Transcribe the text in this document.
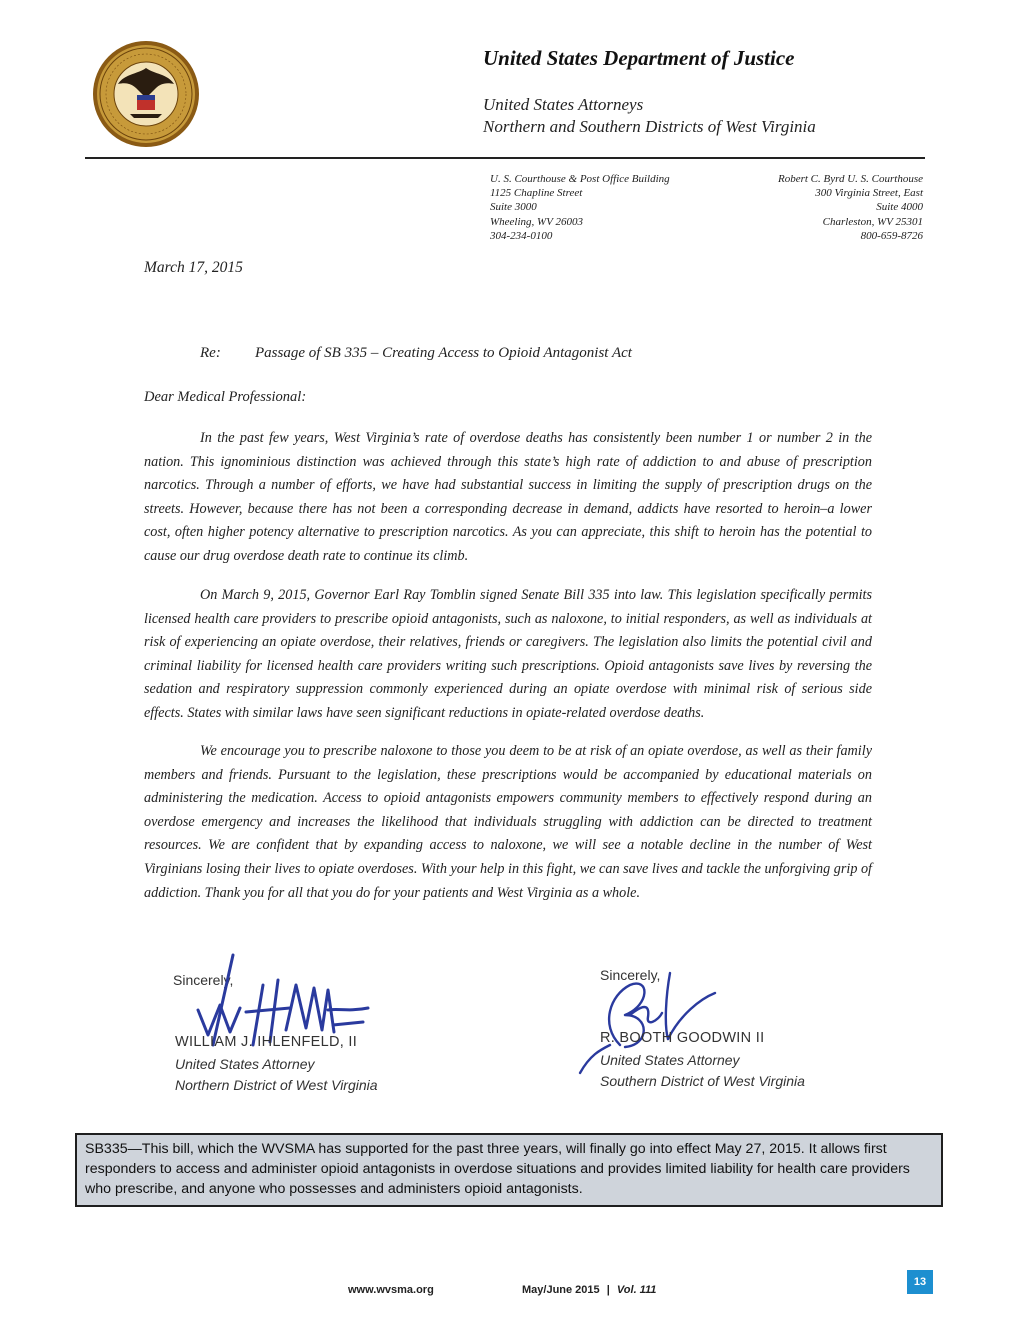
United States Department of Justice
United States Attorneys
Northern and Southern Districts of West Virginia
U. S. Courthouse & Post Office Building
1125 Chapline Street
Suite 3000
Wheeling, WV 26003
304-234-0100
Robert C. Byrd U. S. Courthouse
300 Virginia Street, East
Suite 4000
Charleston, WV 25301
800-659-8726
March 17, 2015
Re: Passage of SB 335 – Creating Access to Opioid Antagonist Act
Dear Medical Professional:

In the past few years, West Virginia’s rate of overdose deaths has consistently been number 1 or number 2 in the nation. This ignominious distinction was achieved through this state’s high rate of addiction to and abuse of prescription narcotics. Through a number of efforts, we have had substantial success in limiting the supply of prescription drugs on the streets. However, because there has not been a corresponding decrease in demand, addicts have resorted to heroin–a lower cost, often higher potency alternative to prescription narcotics. As you can appreciate, this shift to heroin has the potential to cause our drug overdose death rate to continue its climb.

On March 9, 2015, Governor Earl Ray Tomblin signed Senate Bill 335 into law. This legislation specifically permits licensed health care providers to prescribe opioid antagonists, such as naloxone, to initial responders, as well as individuals at risk of experiencing an opiate overdose, their relatives, friends or caregivers. The legislation also limits the potential civil and criminal liability for licensed health care providers writing such prescriptions. Opioid antagonists save lives by reversing the sedation and respiratory suppression commonly experienced during an opiate overdose with minimal risk of serious side effects. States with similar laws have seen significant reductions in opiate-related overdose deaths.

We encourage you to prescribe naloxone to those you deem to be at risk of an opiate overdose, as well as their family members and friends. Pursuant to the legislation, these prescriptions would be accompanied by educational materials on administering the medication. Access to opioid antagonists empowers community members to effectively respond during an overdose emergency and increases the likelihood that individuals struggling with addiction can be directed to treatment resources. We are confident that by expanding access to naloxone, we will see a notable decline in the number of West Virginians losing their lives to opiate overdoses. With your help in this fight, we can save lives and tackle the unforgiving grip of addiction. Thank you for all that you do for your patients and West Virginia as a whole.

Sincerely,
WILLIAM J. IHLENFELD, II
United States Attorney
Northern District of West Virginia
Sincerely,
R. BOOTH GOODWIN II
United States Attorney
Southern District of West Virginia
SB335—This bill, which the WVSMA has supported for the past three years, will finally go into effect May 27, 2015. It allows first responders to access and administer opioid antagonists in overdose situations and provides limited liability for health care providers who prescribe, and anyone who possesses and administers opioid antagonists.
www.wvsma.org	May/June 2015 | Vol. 111
13
